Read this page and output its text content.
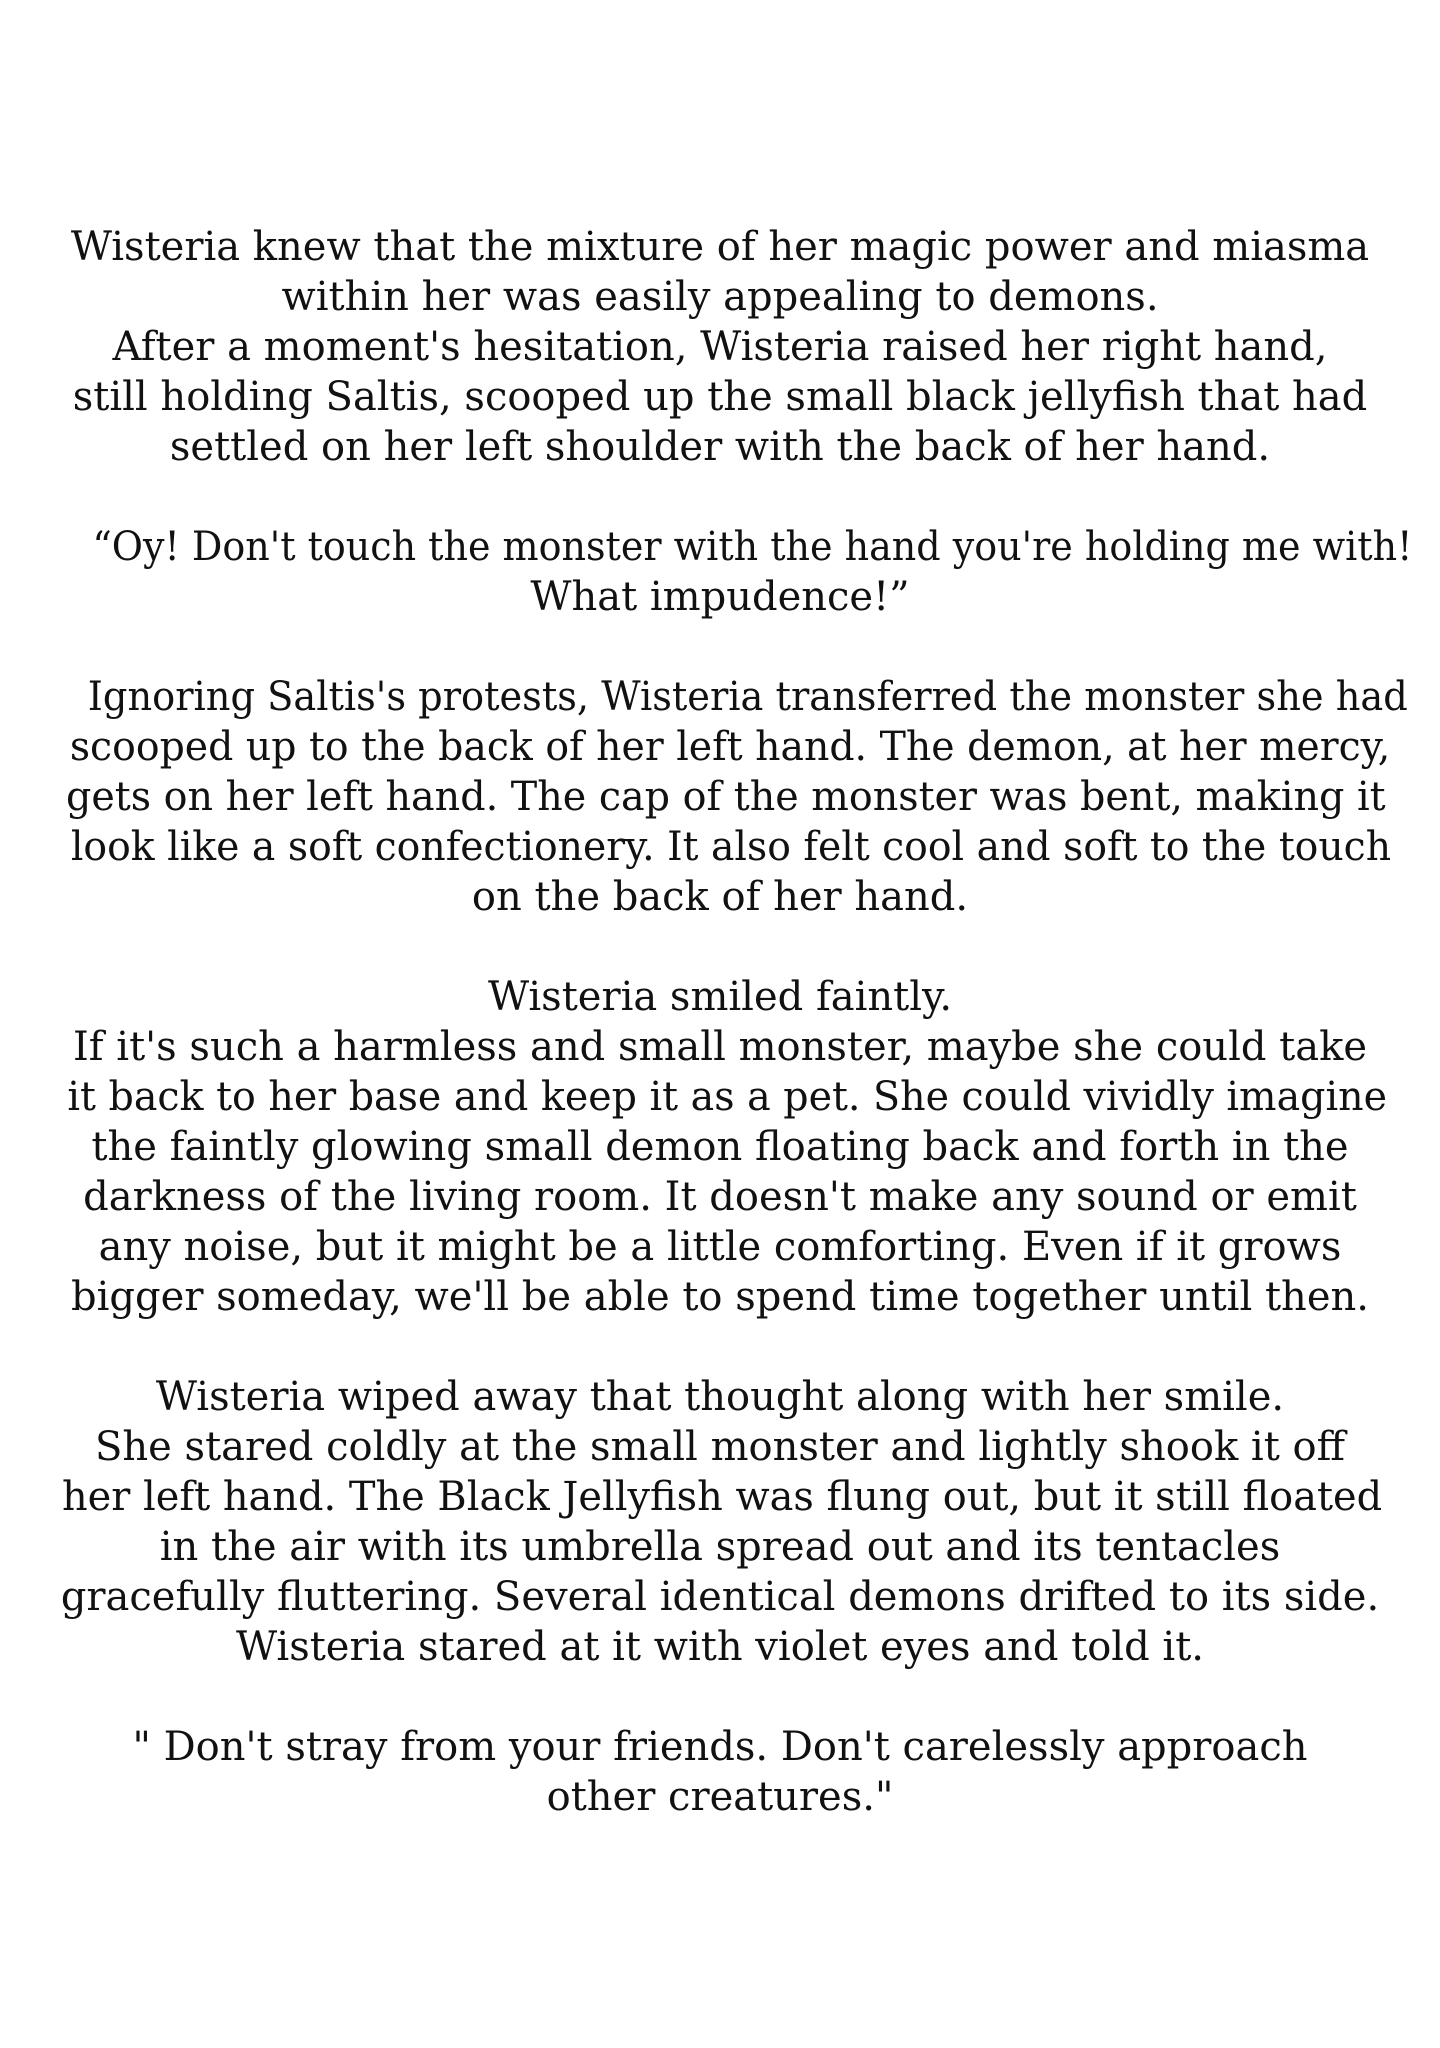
Wisteria knew that the mixture of her magic power and miasma
within her was easily appealing to demons.
After a moment's hesitation, Wisteria raised her right hand,
still holding Saltis, scooped up the small black jellyfish that had
settled on her left shoulder with the back of her hand.
“Oy! Don't touch the monster with the hand you're holding me with!
What impudence!”
Ignoring Saltis's protests, Wisteria transferred the monster she had scooped up to the back of her left hand. The demon, at her mercy, gets on her left hand. The cap of the monster was bent, making it look like a soft confectionery. It also felt cool and soft to the touch
on the back of her hand.
Wisteria smiled faintly.
If it's such a harmless and small monster, maybe she could take
it back to her base and keep it as a pet. She could vividly imagine
the faintly glowing small demon floating back and forth in the
darkness of the living room. It doesn't make any sound or emit
any noise, but it might be a little comforting. Even if it grows
bigger someday, we'll be able to spend time together until then.
Wisteria wiped away that thought along with her smile.
She stared coldly at the small monster and lightly shook it off
her left hand. The Black Jellyfish was flung out, but it still floated
in the air with its umbrella spread out and its tentacles
gracefully fluttering. Several identical demons drifted to its side.
Wisteria stared at it with violet eyes and told it.
" Don't stray from your friends. Don't carelessly approach
other creatures."
